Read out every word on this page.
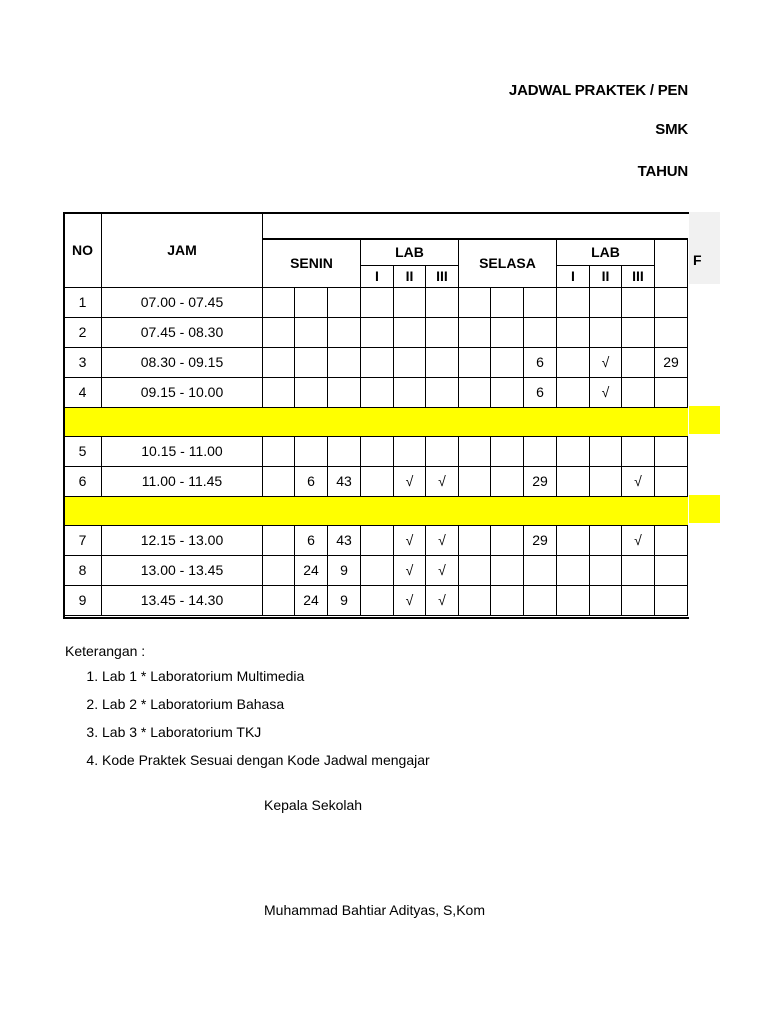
JADWAL PRAKTEK / PEN
SMK
TAHUN
F
NO	JAM													
		SENIN			LAB			SELASA			LAB			
					I	II	III				I	II	III	
1	07.00 - 07.45													
2	07.45 - 08.30													
3	08.30 - 09.15									6		√		29
4	09.15 - 10.00									6		√		

5	10.15 - 11.00													
6	11.00 - 11.45		6	43		√	√			29			√	

7	12.15 - 13.00		6	43		√	√			29			√	
8	13.00 - 13.45		24	9		√	√							
9	13.45 - 14.30		24	9		√	√							
Keterangan :
1. Lab 1 * Laboratorium Multimedia
2. Lab 2 * Laboratorium Bahasa
3. Lab 3 * Laboratorium TKJ
4. Kode Praktek Sesuai dengan Kode Jadwal mengajar
Kepala Sekolah
Muhammad Bahtiar Adityas, S,Kom
